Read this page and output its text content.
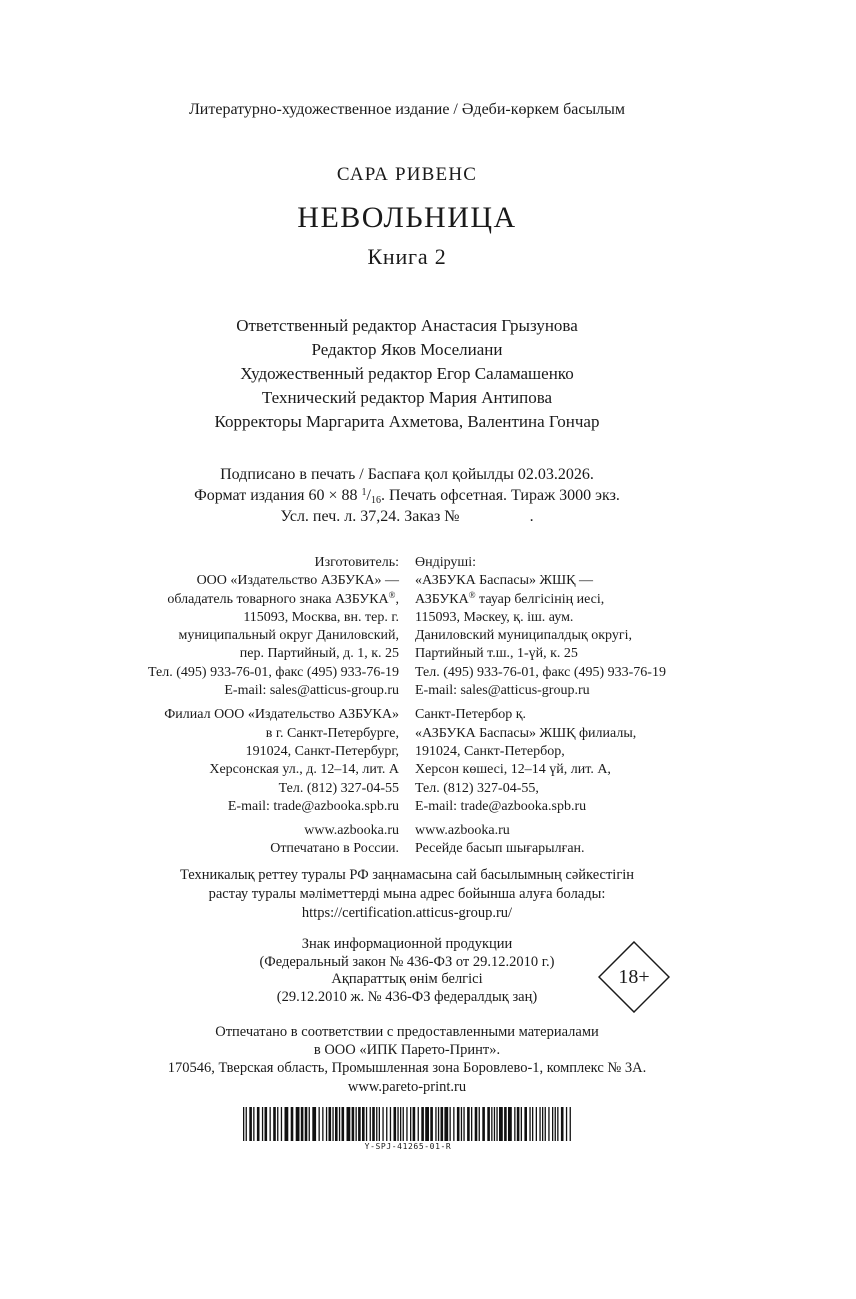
Литературно-художественное издание / Әдеби-көркем басылым
САРА РИВЕНС
НЕВОЛЬНИЦА
Книга 2
Ответственный редактор Анастасия Грызунова
Редактор Яков Моселиани
Художественный редактор Егор Саламашенко
Технический редактор Мария Антипова
Корректоры Маргарита Ахметова, Валентина Гончар
Подписано в печать / Баспаға қол қойылды 02.03.2026.
Формат издания 60 × 88 $^1/_{16}$. Печать офсетная. Тираж 3000 экз.
Усл. печ. л. 37,24. Заказ №	.
Изготовитель:
ООО «Издательство АЗБУКА» —
обладатель товарного знака АЗБУКА®,
115093, Москва, вн. тер. г.
муниципальный округ Даниловский,
пер. Партийный, д. 1, к. 25
Тел. (495) 933-76-01, факс (495) 933-76-19
E-mail: sales@atticus-group.ru
Филиал ООО «Издательство АЗБУКА»
в г. Санкт-Петербурге,
191024, Санкт-Петербург,
Херсонская ул., д. 12–14, лит. А
Тел. (812) 327-04-55
E-mail: trade@azbooka.spb.ru
www.azbooka.ru
Отпечатано в России.
Өндіруші:
«АЗБУКА Баспасы» ЖШҚ —
АЗБУКА® тауар белгісінің иесі,
115093, Мәскеу, қ. іш. аум.
Даниловский муниципалдық округі,
Партийный т.ш., 1-үй, к. 25
Тел. (495) 933-76-01, факс (495) 933-76-19
E-mail: sales@atticus-group.ru
Санкт-Петербор қ.
«АЗБУКА Баспасы» ЖШҚ филиалы,
191024, Санкт-Петербор,
Херсон көшесі, 12–14 үй, лит. А,
Тел. (812) 327-04-55,
E-mail: trade@azbooka.spb.ru
www.azbooka.ru
Ресейде басып шығарылған.
Техникалық реттеу туралы РФ заңнамасына сай басылымның сәйкестігін
растау туралы мәліметтерді мына адрес бойынша алуға болады:
https://certification.atticus-group.ru/
Знак информационной продукции
(Федеральный закон № 436-ФЗ от 29.12.2010 г.)
Ақпараттық өнім белгісі
(29.12.2010 ж. № 436-ФЗ федералдық заң)
18+
Отпечатано в соответствии с предоставленными материалами
в ООО «ИПК Парето-Принт».
170546, Тверская область, Промышленная зона Боровлево-1, комплекс № 3А.
www.pareto-print.ru
Y-SPJ-41265-01-R
